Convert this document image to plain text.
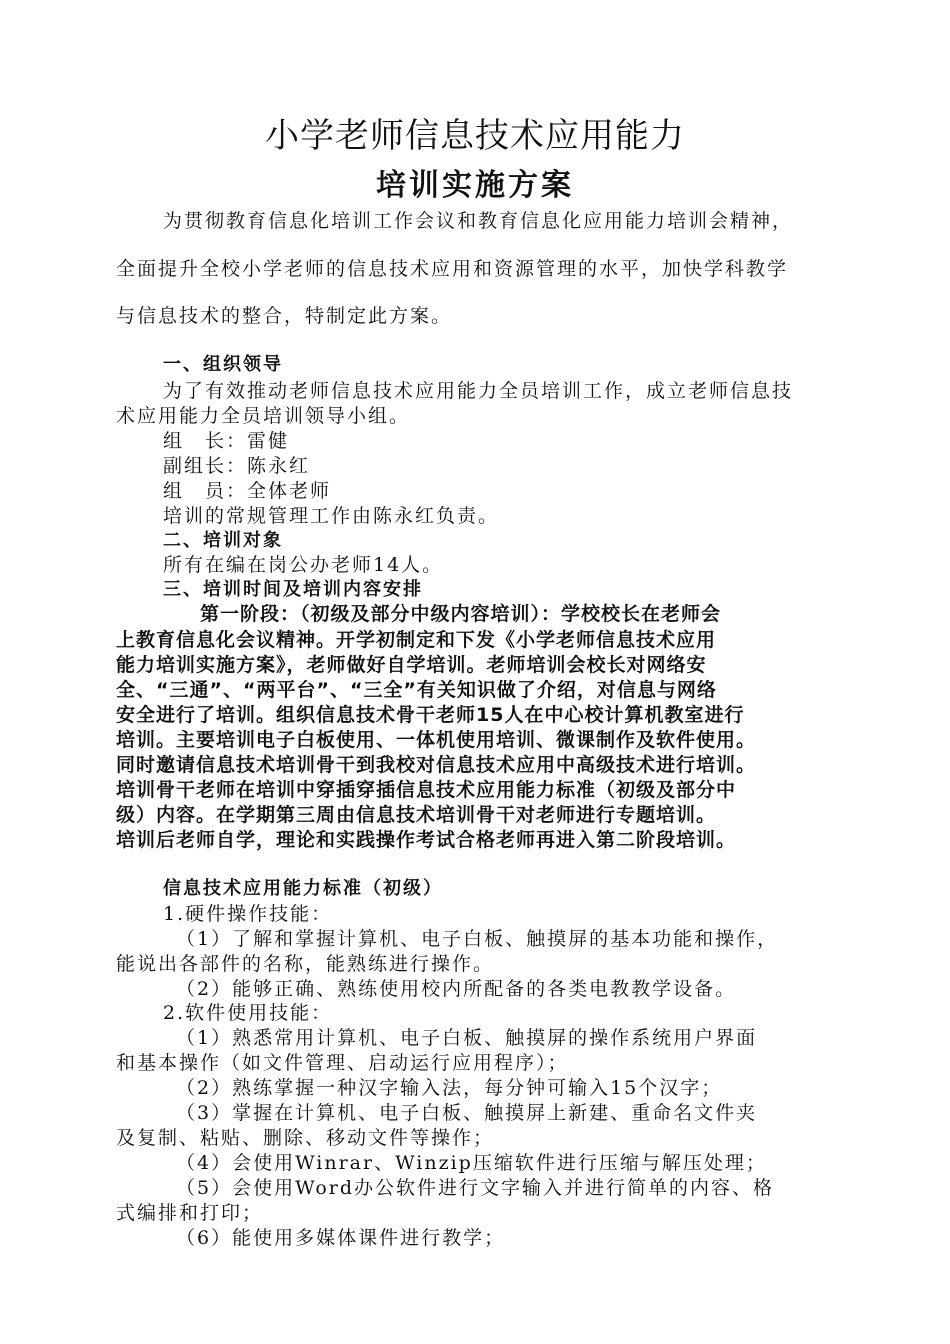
小学老师信息技术应用能力
培训实施方案
为贯彻教育信息化培训工作会议和教育信息化应用能力培训会精神，
全面提升全校小学老师的信息技术应用和资源管理的水平，加快学科教学
与信息技术的整合，特制定此方案。
一、组织领导
为了有效推动老师信息技术应用能力全员培训工作，成立老师信息技
术应用能力全员培训领导小组。
组　长：雷健
副组长：陈永红
组　员：全体老师
培训的常规管理工作由陈永红负责。
二、培训对象
所有在编在岗公办老师14人。
三、培训时间及培训内容安排
第一阶段：（初级及部分中级内容培训）：学校校长在老师会
上教育信息化会议精神。开学初制定和下发《小学老师信息技术应用
能力培训实施方案》，老师做好自学培训。老师培训会校长对网络安
全、“三通”、“两平台”、“三全”有关知识做了介绍，对信息与网络
安全进行了培训。组织信息技术骨干老师15人在中心校计算机教室进行
培训。主要培训电子白板使用、一体机使用培训、微课制作及软件使用。
同时邀请信息技术培训骨干到我校对信息技术应用中高级技术进行培训。
培训骨干老师在培训中穿插穿插信息技术应用能力标准（初级及部分中
级）内容。在学期第三周由信息技术培训骨干对老师进行专题培训。
培训后老师自学，理论和实践操作考试合格老师再进入第二阶段培训。
信息技术应用能力标准（初级）
1.硬件操作技能：
（1）了解和掌握计算机、电子白板、触摸屏的基本功能和操作，
能说出各部件的名称，能熟练进行操作。
（2）能够正确、熟练使用校内所配备的各类电教教学设备。
2.软件使用技能：
（1）熟悉常用计算机、电子白板、触摸屏的操作系统用户界面
和基本操作（如文件管理、启动运行应用程序）；
（2）熟练掌握一种汉字输入法，每分钟可输入15个汉字；
（3）掌握在计算机、电子白板、触摸屏上新建、重命名文件夹
及复制、粘贴、删除、移动文件等操作；
（4）会使用Winrar、Winzip压缩软件进行压缩与解压处理；
（5）会使用Word办公软件进行文字输入并进行简单的内容、格
式编排和打印；
（6）能使用多媒体课件进行教学；
